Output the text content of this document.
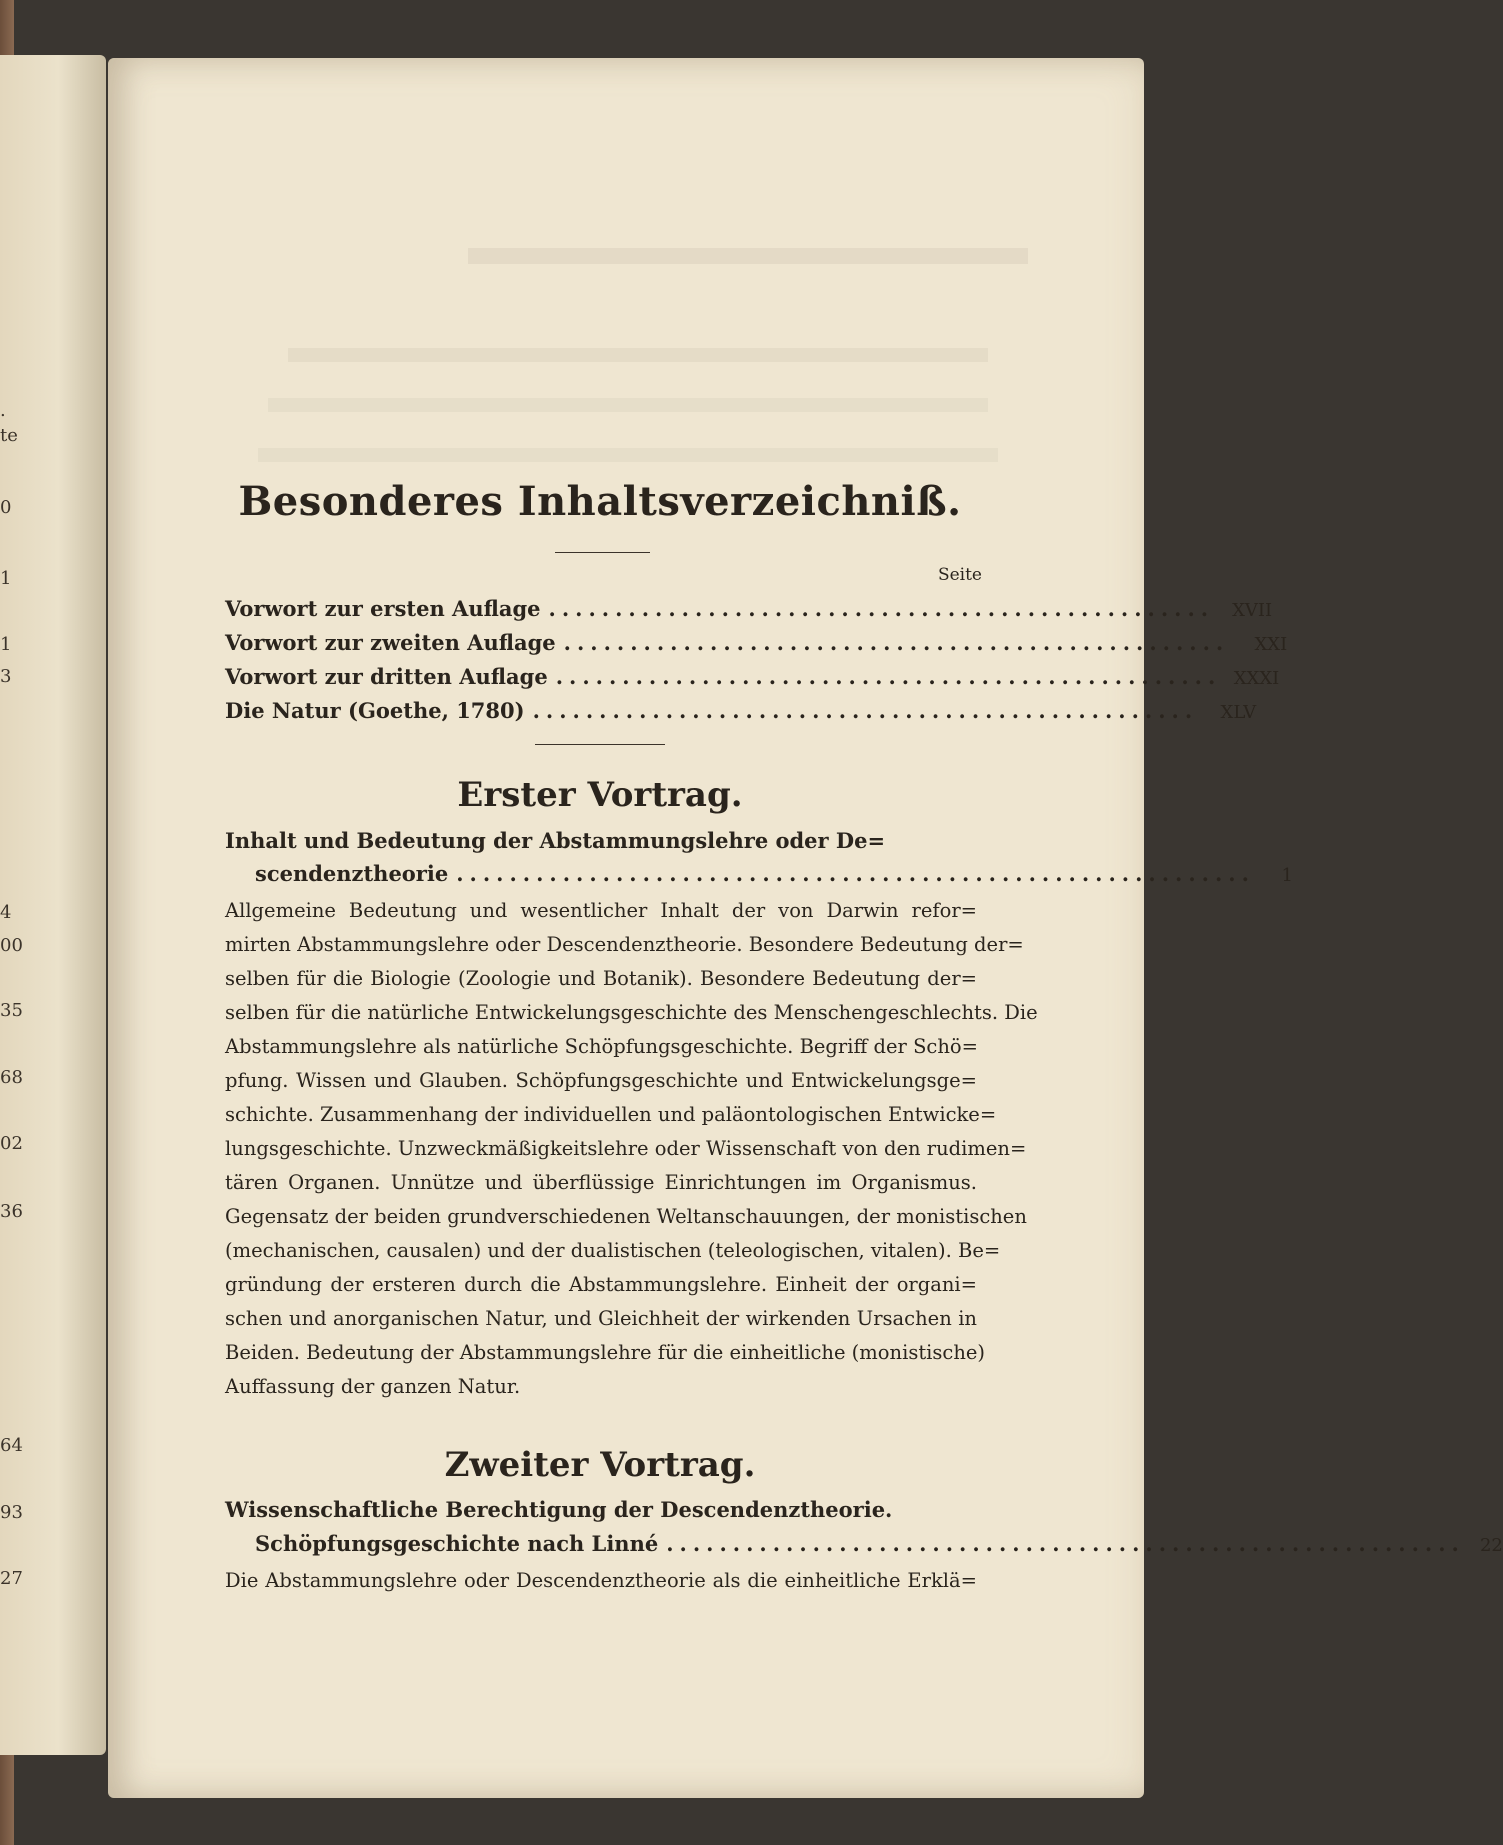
.
te
0
1
1
3
4
00
35
68
02
36
64
93
27
Besonderes Inhaltsverzeichniß.
Seite
Vorwort zur ersten Auflage .................................................. XVII
Vorwort zur zweiten Auflage ..................................................	XXI
Vorwort zur dritten Auflage .................................................. XXXI
Die Natur (Goethe, 1780) ..................................................	XLV
Erster Vortrag.
Inhalt und Bedeutung der Abstammungslehre oder De=
scendenztheorie ............................................................	1
Allgemeine Bedeutung und wesentlicher Inhalt der von Darwin refor=
mirten Abstammungslehre oder Descendenztheorie. Besondere Bedeutung der=
selben für die Biologie (Zoologie und Botanik). Besondere Bedeutung der=
selben für die natürliche Entwickelungsgeschichte des Menschengeschlechts. Die
Abstammungslehre als natürliche Schöpfungsgeschichte. Begriff der Schö=
pfung. Wissen und Glauben. Schöpfungsgeschichte und Entwickelungsge=
schichte. Zusammenhang der individuellen und paläontologischen Entwicke=
lungsgeschichte. Unzweckmäßigkeitslehre oder Wissenschaft von den rudimen=
tären Organen. Unnütze und überflüssige Einrichtungen im Organismus.
Gegensatz der beiden grundverschiedenen Weltanschauungen, der monistischen
(mechanischen, causalen) und der dualistischen (teleologischen, vitalen). Be=
gründung der ersteren durch die Abstammungslehre. Einheit der organi=
schen und anorganischen Natur, und Gleichheit der wirkenden Ursachen in
Beiden. Bedeutung der Abstammungslehre für die einheitliche (monistische)
Auffassung der ganzen Natur.
Zweiter Vortrag.
Wissenschaftliche Berechtigung der Descendenztheorie.
Schöpfungsgeschichte nach Linné ............................................................ 22
Die Abstammungslehre oder Descendenztheorie als die einheitliche Erklä=
